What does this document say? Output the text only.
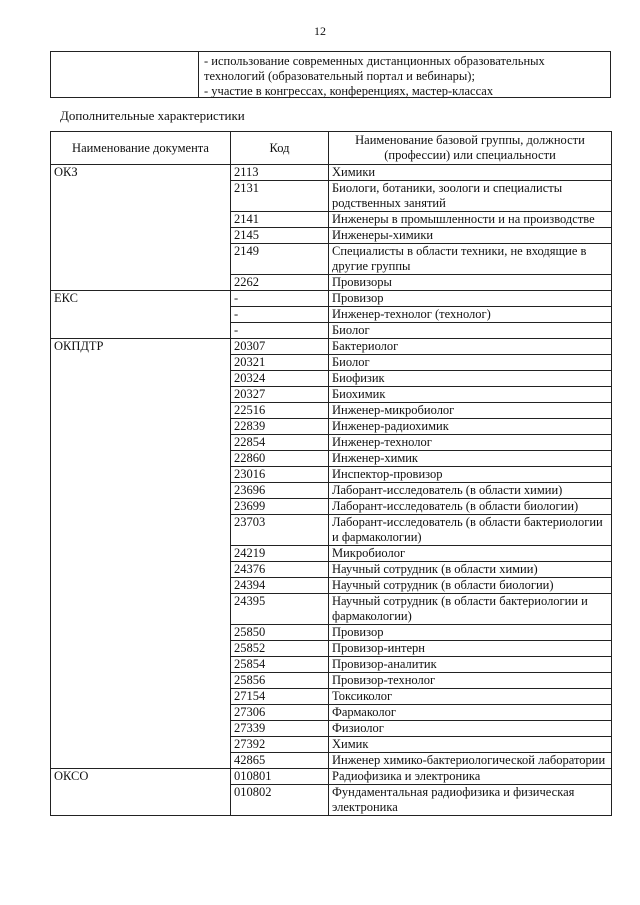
12
- использование современных дистанционных образовательных
технологий (образовательный портал и вебинары);
- участие в конгрессах, конференциях, мастер-классах
Дополнительные характеристики
Наименование документа	Код	Наименование базовой группы, должности (профессии) или специальности
ОКЗ	2113	Химики
	2131	Биологи, ботаники, зоологи и специалисты родственных занятий
	2141	Инженеры в промышленности и на производстве
	2145	Инженеры-химики
	2149	Специалисты в области техники, не входящие в другие группы
	2262	Провизоры
ЕКС	-	Провизор
	-	Инженер-технолог (технолог)
	-	Биолог
ОКПДТР	20307	Бактериолог
	20321	Биолог
	20324	Биофизик
	20327	Биохимик
	22516	Инженер-микробиолог
	22839	Инженер-радиохимик
	22854	Инженер-технолог
	22860	Инженер-химик
	23016	Инспектор-провизор
	23696	Лаборант-исследователь (в области химии)
	23699	Лаборант-исследователь (в области биологии)
	23703	Лаборант-исследователь (в области бактериологии и фармакологии)
	24219	Микробиолог
	24376	Научный сотрудник (в области химии)
	24394	Научный сотрудник (в области биологии)
	24395	Научный сотрудник (в области бактериологии и фармакологии)
	25850	Провизор
	25852	Провизор-интерн
	25854	Провизор-аналитик
	25856	Провизор-технолог
	27154	Токсиколог
	27306	Фармаколог
	27339	Физиолог
	27392	Химик
	42865	Инженер химико-бактериологической лаборатории
ОКСО	010801	Радиофизика и электроника
	010802	Фундаментальная радиофизика и физическая электроника
